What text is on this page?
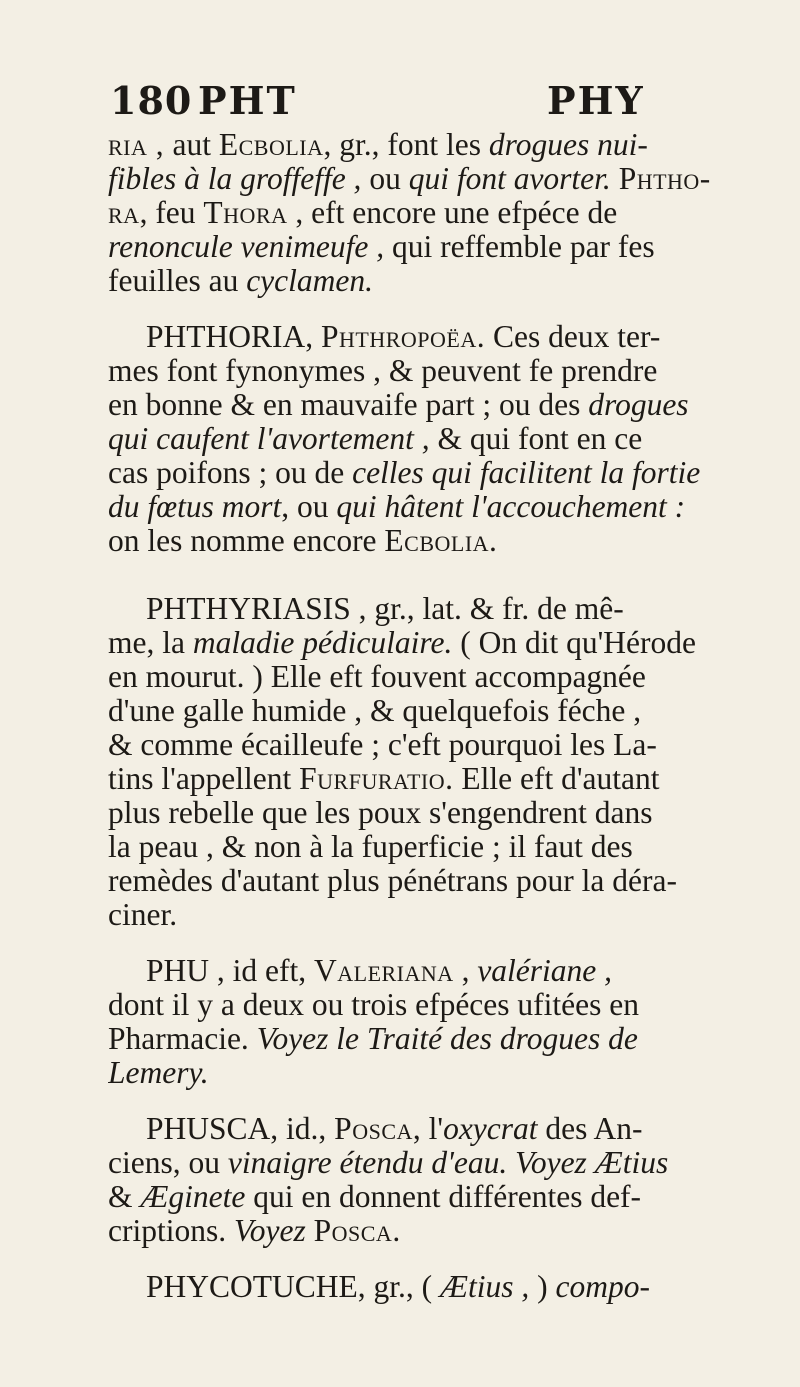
180 PHT	PHY
ria , aut Ecbolia, gr., font les drogues nui-
fibles à la groffeffe , ou qui font avorter. Phtho-
ra, feu Thora , eft encore une efpéce de
renoncule venimeufe , qui reffemble par fes
feuilles au cyclamen.
PHTHORIA, Phthropoëa. Ces deux ter-
mes font fynonymes , & peuvent fe prendre
en bonne & en mauvaife part ; ou des drogues
qui caufent l'avortement , & qui font en ce
cas poifons ; ou de celles qui facilitent la fortie
du fœtus mort, ou qui hâtent l'accouchement :
on les nomme encore Ecbolia.
PHTHYRIASIS , gr., lat. & fr. de mê-
me, la maladie pédiculaire. ( On dit qu'Hérode
en mourut. ) Elle eft fouvent accompagnée
d'une galle humide , & quelquefois féche ,
& comme écailleufe ; c'eft pourquoi les La-
tins l'appellent Furfuratio. Elle eft d'autant
plus rebelle que les poux s'engendrent dans
la peau , & non à la fuperficie ; il faut des
remèdes d'autant plus pénétrans pour la déra-
ciner.
PHU , id eft, Valeriana , valériane ,
dont il y a deux ou trois efpéces ufitées en
Pharmacie. Voyez le Traité des drogues de
Lemery.
PHUSCA, id., Posca, l'oxycrat des An-
ciens, ou vinaigre étendu d'eau. Voyez Ætius
& Æginete qui en donnent différentes def-
criptions. Voyez Posca.
PHYCOTUCHE, gr., ( Ætius , ) compo-
